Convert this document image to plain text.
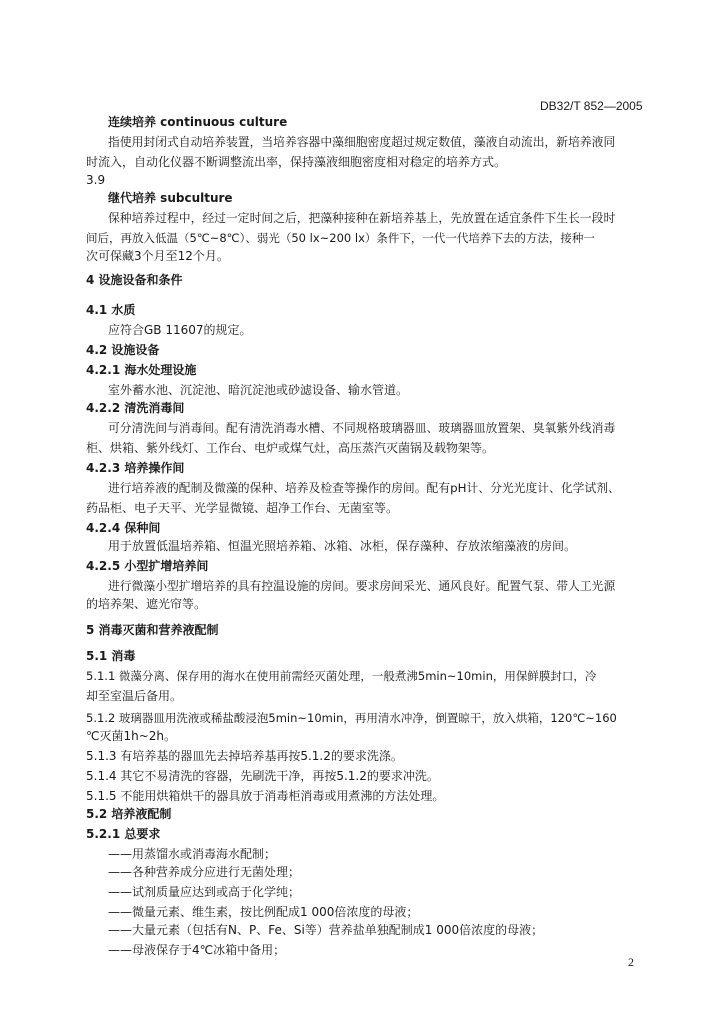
DB32/T 852—2005
连续培养 continuous culture
指使用封闭式自动培养装置，当培养容器中藻细胞密度超过规定数值，藻液自动流出，新培养液同
时流入，自动化仪器不断调整流出率，保持藻液细胞密度相对稳定的培养方式。
3.9
继代培养 subculture
保种培养过程中，经过一定时间之后，把藻种接种在新培养基上，先放置在适宜条件下生长一段时
间后，再放入低温（5℃~8℃）、弱光（50 lx~200 lx）条件下，一代一代培养下去的方法，接种一
次可保藏3个月至12个月。
4 设施设备和条件
4.1 水质
应符合GB 11607的规定。
4.2 设施设备
4.2.1 海水处理设施
室外蓄水池、沉淀池、暗沉淀池或砂滤设备、输水管道。
4.2.2 清洗消毒间
可分清洗间与消毒间。配有清洗消毒水槽、不同规格玻璃器皿、玻璃器皿放置架、臭氧紫外线消毒
柜、烘箱、紫外线灯、工作台、电炉或煤气灶，高压蒸汽灭菌锅及载物架等。
4.2.3 培养操作间
进行培养液的配制及微藻的保种、培养及检查等操作的房间。配有pH计、分光光度计、化学试剂、
药品柜、电子天平、光学显微镜、超净工作台、无菌室等。
4.2.4 保种间
用于放置低温培养箱、恒温光照培养箱、冰箱、冰柜，保存藻种、存放浓缩藻液的房间。
4.2.5 小型扩增培养间
进行微藻小型扩增培养的具有控温设施的房间。要求房间采光、通风良好。配置气泵、带人工光源
的培养架、遮光帘等。
5 消毒灭菌和营养液配制
5.1 消毒
5.1.1 微藻分离、保存用的海水在使用前需经灭菌处理，一般煮沸5min~10min，用保鲜膜封口，冷
却至室温后备用。
5.1.2 玻璃器皿用洗液或稀盐酸浸泡5min~10min，再用清水冲净，倒置晾干，放入烘箱，120℃~160
℃灭菌1h~2h。
5.1.3 有培养基的器皿先去掉培养基再按5.1.2的要求洗涤。
5.1.4 其它不易清洗的容器，先刷洗干净，再按5.1.2的要求冲洗。
5.1.5 不能用烘箱烘干的器具放于消毒柜消毒或用煮沸的方法处理。
5.2 培养液配制
5.2.1 总要求
——用蒸馏水或消毒海水配制；
——各种营养成分应进行无菌处理；
——试剂质量应达到或高于化学纯；
——微量元素、维生素，按比例配成1 000倍浓度的母液；
——大量元素（包括有N、P、Fe、Si等）营养盐单独配制成1 000倍浓度的母液；
——母液保存于4℃冰箱中备用；
2
